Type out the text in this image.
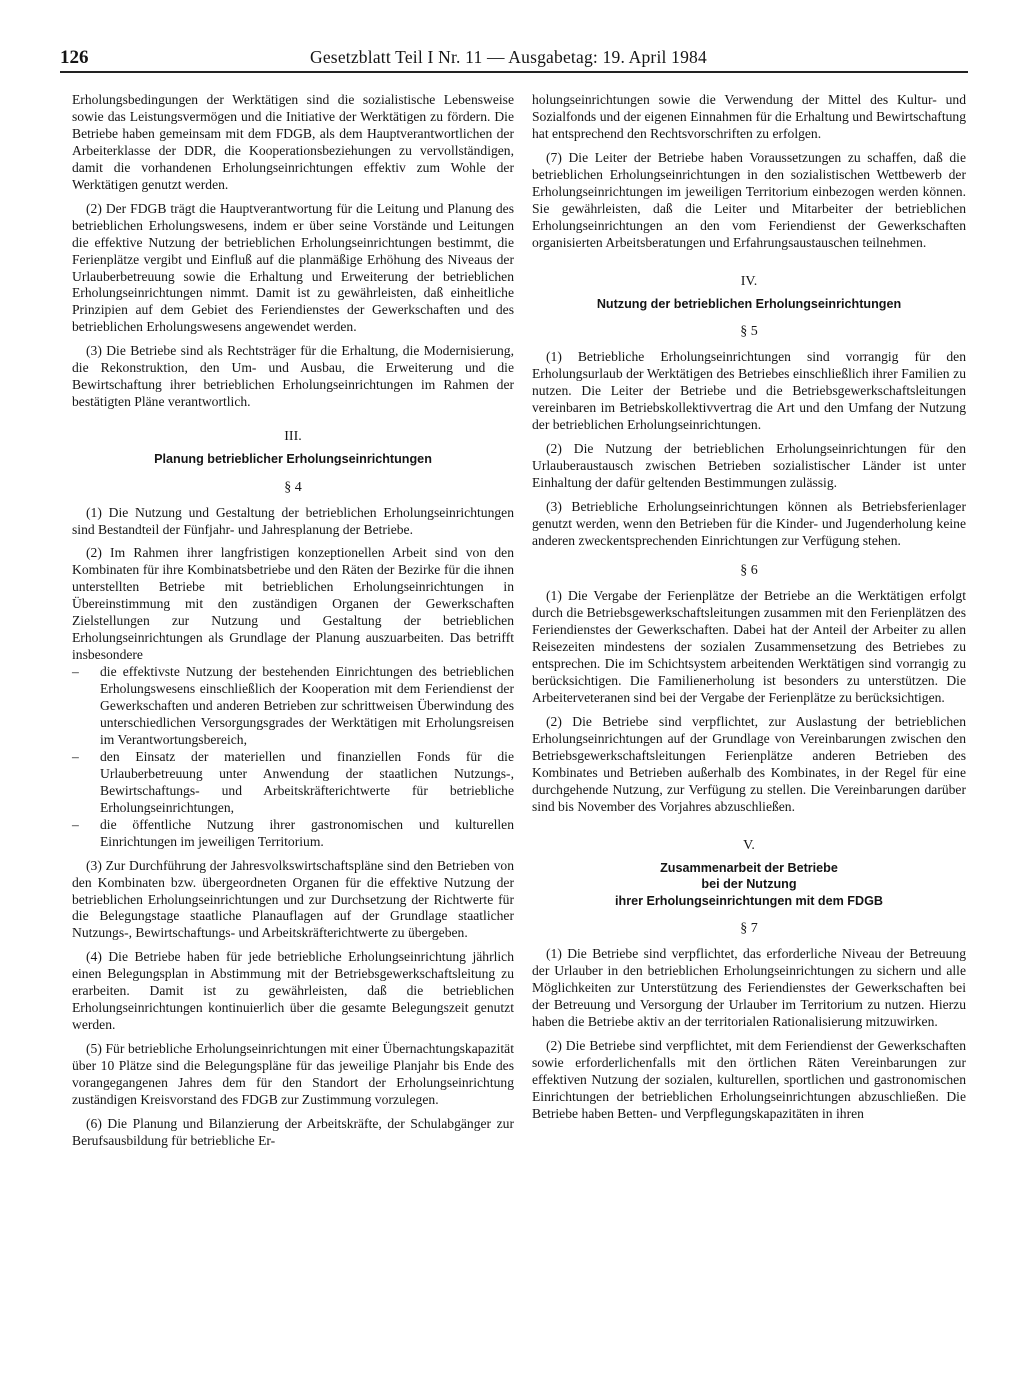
126	Gesetzblatt Teil I Nr. 11 — Ausgabetag: 19. April 1984

Erholungsbedingungen der Werktätigen sind die sozialistische Lebensweise sowie das Leistungsvermögen und die Initiative der Werktätigen zu fördern. Die Betriebe haben gemeinsam mit dem FDGB, als dem Hauptverantwortlichen der Arbeiterklasse der DDR, die Kooperationsbeziehungen zu vervollständigen, damit die vorhandenen Erholungseinrichtungen effektiv zum Wohle der Werktätigen genutzt werden.

(2) Der FDGB trägt die Hauptverantwortung für die Leitung und Planung des betrieblichen Erholungswesens, indem er über seine Vorstände und Leitungen die effektive Nutzung der betrieblichen Erholungseinrichtungen bestimmt, die Ferienplätze vergibt und Einfluß auf die planmäßige Erhöhung des Niveaus der Urlauberbetreuung sowie die Erhaltung und Erweiterung der betrieblichen Erholungseinrichtungen nimmt. Damit ist zu gewährleisten, daß einheitliche Prinzipien auf dem Gebiet des Feriendienstes der Gewerkschaften und des betrieblichen Erholungswesens angewendet werden.

(3) Die Betriebe sind als Rechtsträger für die Erhaltung, die Modernisierung, die Rekonstruktion, den Um- und Ausbau, die Erweiterung und die Bewirtschaftung ihrer betrieblichen Erholungseinrichtungen im Rahmen der bestätigten Pläne verantwortlich.

III.
Planung betrieblicher Erholungseinrichtungen
§ 4

(1) Die Nutzung und Gestaltung der betrieblichen Erholungseinrichtungen sind Bestandteil der Fünfjahr- und Jahresplanung der Betriebe.

(2) Im Rahmen ihrer langfristigen konzeptionellen Arbeit sind von den Kombinaten für ihre Kombinatsbetriebe und den Räten der Bezirke für die ihnen unterstellten Betriebe mit betrieblichen Erholungseinrichtungen in Übereinstimmung mit den zuständigen Organen der Gewerkschaften Zielstellungen zur Nutzung und Gestaltung der betrieblichen Erholungseinrichtungen als Grundlage der Planung auszuarbeiten. Das betrifft insbesondere

–	die effektivste Nutzung der bestehenden Einrichtungen des betrieblichen Erholungswesens einschließlich der Kooperation mit dem Feriendienst der Gewerkschaften und anderen Betrieben zur schrittweisen Überwindung des unterschiedlichen Versorgungsgrades der Werktätigen mit Erholungsreisen im Verantwortungsbereich,
–	den Einsatz der materiellen und finanziellen Fonds für die Urlauberbetreuung unter Anwendung der staatlichen Nutzungs-, Bewirtschaftungs- und Arbeitskräfterichtwerte für betriebliche Erholungseinrichtungen,
–	die öffentliche Nutzung ihrer gastronomischen und kulturellen Einrichtungen im jeweiligen Territorium.

(3) Zur Durchführung der Jahresvolkswirtschaftspläne sind den Betrieben von den Kombinaten bzw. übergeordneten Organen für die effektive Nutzung der betrieblichen Erholungseinrichtungen und zur Durchsetzung der Richtwerte für die Belegungstage staatliche Planauflagen auf der Grundlage staatlicher Nutzungs-, Bewirtschaftungs- und Arbeitskräfterichtwerte zu übergeben.

(4) Die Betriebe haben für jede betriebliche Erholungseinrichtung jährlich einen Belegungsplan in Abstimmung mit der Betriebsgewerkschaftsleitung zu erarbeiten. Damit ist zu gewährleisten, daß die betrieblichen Erholungseinrichtungen kontinuierlich über die gesamte Belegungszeit genutzt werden.

(5) Für betriebliche Erholungseinrichtungen mit einer Übernachtungskapazität über 10 Plätze sind die Belegungspläne für das jeweilige Planjahr bis Ende des vorangegangenen Jahres dem für den Standort der Erholungseinrichtung zuständigen Kreisvorstand des FDGB zur Zustimmung vorzulegen.

(6) Die Planung und Bilanzierung der Arbeitskräfte, der Schulabgänger zur Berufsausbildung für betriebliche Er-

holungseinrichtungen sowie die Verwendung der Mittel des Kultur- und Sozialfonds und der eigenen Einnahmen für die Erhaltung und Bewirtschaftung hat entsprechend den Rechtsvorschriften zu erfolgen.

(7) Die Leiter der Betriebe haben Voraussetzungen zu schaffen, daß die betrieblichen Erholungseinrichtungen in den sozialistischen Wettbewerb der Erholungseinrichtungen im jeweiligen Territorium einbezogen werden können. Sie gewährleisten, daß die Leiter und Mitarbeiter der betrieblichen Erholungseinrichtungen an den vom Feriendienst der Gewerkschaften organisierten Arbeitsberatungen und Erfahrungsaustauschen teilnehmen.

IV.
Nutzung der betrieblichen Erholungseinrichtungen
§ 5

(1) Betriebliche Erholungseinrichtungen sind vorrangig für den Erholungsurlaub der Werktätigen des Betriebes einschließlich ihrer Familien zu nutzen. Die Leiter der Betriebe und die Betriebsgewerkschaftsleitungen vereinbaren im Betriebskollektivvertrag die Art und den Umfang der Nutzung der betrieblichen Erholungseinrichtungen.

(2) Die Nutzung der betrieblichen Erholungseinrichtungen für den Urlauberaustausch zwischen Betrieben sozialistischer Länder ist unter Einhaltung der dafür geltenden Bestimmungen zulässig.

(3) Betriebliche Erholungseinrichtungen können als Betriebsferienlager genutzt werden, wenn den Betrieben für die Kinder- und Jugenderholung keine anderen zweckentsprechenden Einrichtungen zur Verfügung stehen.

§ 6

(1) Die Vergabe der Ferienplätze der Betriebe an die Werktätigen erfolgt durch die Betriebsgewerkschaftsleitungen zusammen mit den Ferienplätzen des Feriendienstes der Gewerkschaften. Dabei hat der Anteil der Arbeiter zu allen Reisezeiten mindestens der sozialen Zusammensetzung des Betriebes zu entsprechen. Die im Schichtsystem arbeitenden Werktätigen sind vorrangig zu berücksichtigen. Die Familienerholung ist besonders zu unterstützen. Die Arbeiterveteranen sind bei der Vergabe der Ferienplätze zu berücksichtigen.

(2) Die Betriebe sind verpflichtet, zur Auslastung der betrieblichen Erholungseinrichtungen auf der Grundlage von Vereinbarungen zwischen den Betriebsgewerkschaftsleitungen Ferienplätze anderen Betrieben des Kombinates und Betrieben außerhalb des Kombinates, in der Regel für eine durchgehende Nutzung, zur Verfügung zu stellen. Die Vereinbarungen darüber sind bis November des Vorjahres abzuschließen.

V.
Zusammenarbeit der Betriebe
bei der Nutzung
ihrer Erholungseinrichtungen mit dem FDGB
§ 7

(1) Die Betriebe sind verpflichtet, das erforderliche Niveau der Betreuung der Urlauber in den betrieblichen Erholungseinrichtungen zu sichern und alle Möglichkeiten zur Unterstützung des Feriendienstes der Gewerkschaften bei der Betreuung und Versorgung der Urlauber im Territorium zu nutzen. Hierzu haben die Betriebe aktiv an der territorialen Rationalisierung mitzuwirken.

(2) Die Betriebe sind verpflichtet, mit dem Feriendienst der Gewerkschaften sowie erforderlichenfalls mit den örtlichen Räten Vereinbarungen zur effektiven Nutzung der sozialen, kulturellen, sportlichen und gastronomischen Einrichtungen der betrieblichen Erholungseinrichtungen abzuschließen. Die Betriebe haben Betten- und Verpflegungskapazitäten in ihren
